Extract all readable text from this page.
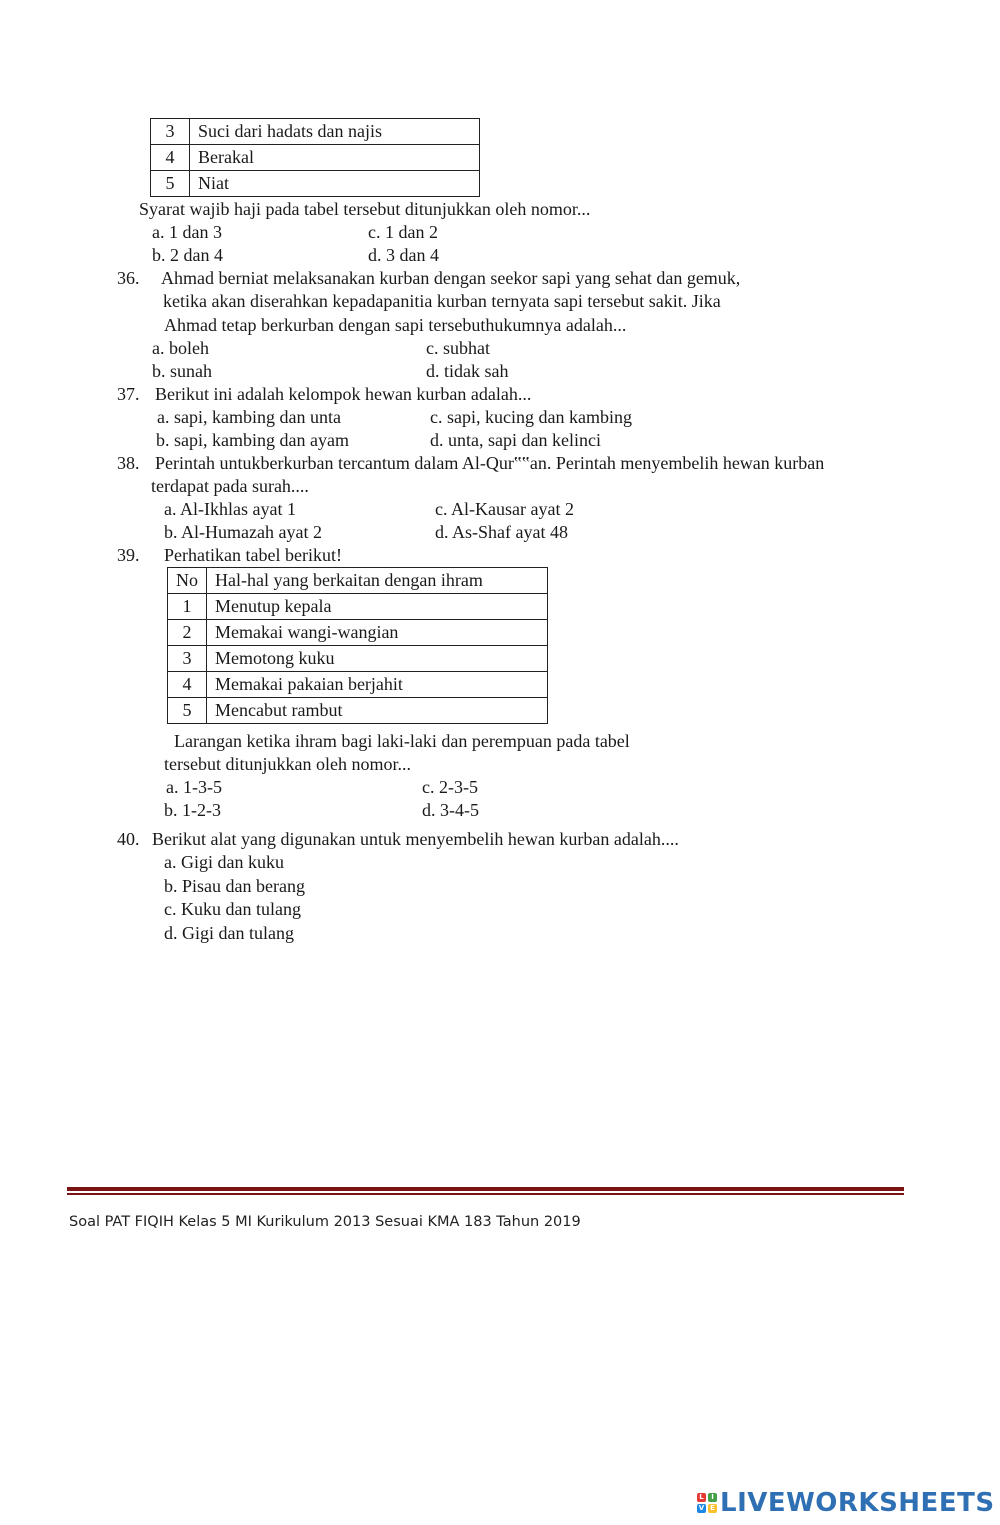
3	Suci dari hadats dan najis
4	Berakal
5	Niat
Syarat wajib haji pada tabel tersebut ditunjukkan oleh nomor...
a. 1 dan 3	c. 1 dan 2
b. 2 dan 4	d. 3 dan 4
36. Ahmad berniat melaksanakan kurban dengan seekor sapi yang sehat dan gemuk,
ketika akan diserahkan kepadapanitia kurban ternyata sapi tersebut sakit. Jika
Ahmad tetap berkurban dengan sapi tersebuthukumnya adalah...
a. boleh	c. subhat
b. sunah	d. tidak sah
37. Berikut ini adalah kelompok hewan kurban adalah...
a. sapi, kambing dan unta	c. sapi, kucing dan kambing
b. sapi, kambing dan ayam	d. unta, sapi dan kelinci
38. Perintah untukberkurban tercantum dalam Al-Qur‟‟an. Perintah menyembelih hewan kurban
terdapat pada surah....
a. Al-Ikhlas ayat 1	c. Al-Kausar ayat 2
b. Al-Humazah ayat 2	d. As-Shaf ayat 48
39. Perhatikan tabel berikut!
No	Hal-hal yang berkaitan dengan ihram
1	Menutup kepala
2	Memakai wangi-wangian
3	Memotong kuku
4	Memakai pakaian berjahit
5	Mencabut rambut
Larangan ketika ihram bagi laki-laki dan perempuan pada tabel
tersebut ditunjukkan oleh nomor...
a. 1-3-5	c. 2-3-5
b. 1-2-3	d. 3-4-5
40. Berikut alat yang digunakan untuk menyembelih hewan kurban adalah....
a. Gigi dan kuku
b. Pisau dan berang
c. Kuku dan tulang
d. Gigi dan tulang
Soal PAT FIQIH Kelas 5 MI Kurikulum 2013 Sesuai KMA 183 Tahun 2019
L	I
V E LIVEWORKSHEETS
